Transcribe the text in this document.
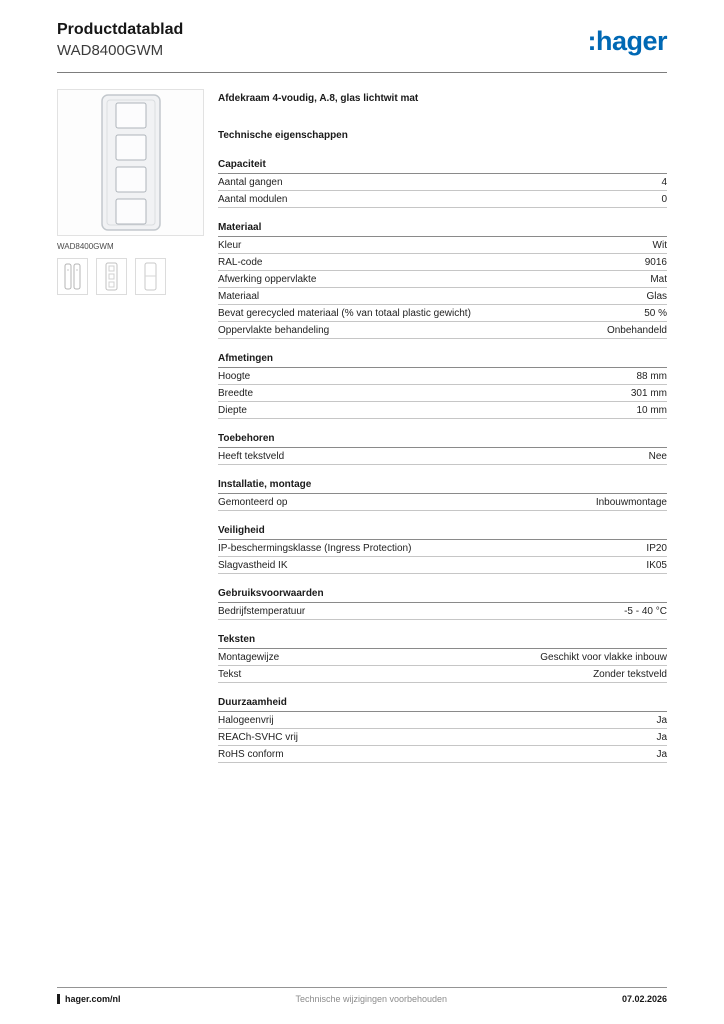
Productdatablad
WAD8400GWM	:hager
WAD8400GWM
Afdekraam 4-voudig, A.8, glas lichtwit mat
Technische eigenschappen
Capaciteit
Aantal gangen	4
Aantal modulen	0
Materiaal
Kleur	Wit
RAL-code	9016
Afwerking oppervlakte	Mat
Materiaal	Glas
Bevat gerecycled materiaal (% van totaal plastic gewicht)	50 %
Oppervlakte behandeling	Onbehandeld
Afmetingen
Hoogte	88 mm
Breedte	301 mm
Diepte	10 mm
Toebehoren
Heeft tekstveld	Nee
Installatie, montage
Gemonteerd op	Inbouwmontage
Veiligheid
IP-beschermingsklasse (Ingress Protection)	IP20
Slagvastheid IK	IK05
Gebruiksvoorwaarden
Bedrijfstemperatuur	-5 - 40 °C
Teksten
Montagewijze	Geschikt voor vlakke inbouw
Tekst	Zonder tekstveld
Duurzaamheid
Halogeenvrij	Ja
REACh-SVHC vrij	Ja
RoHS conform	Ja
hager.com/nl	Technische wijzigingen voorbehouden	07.02.2026
